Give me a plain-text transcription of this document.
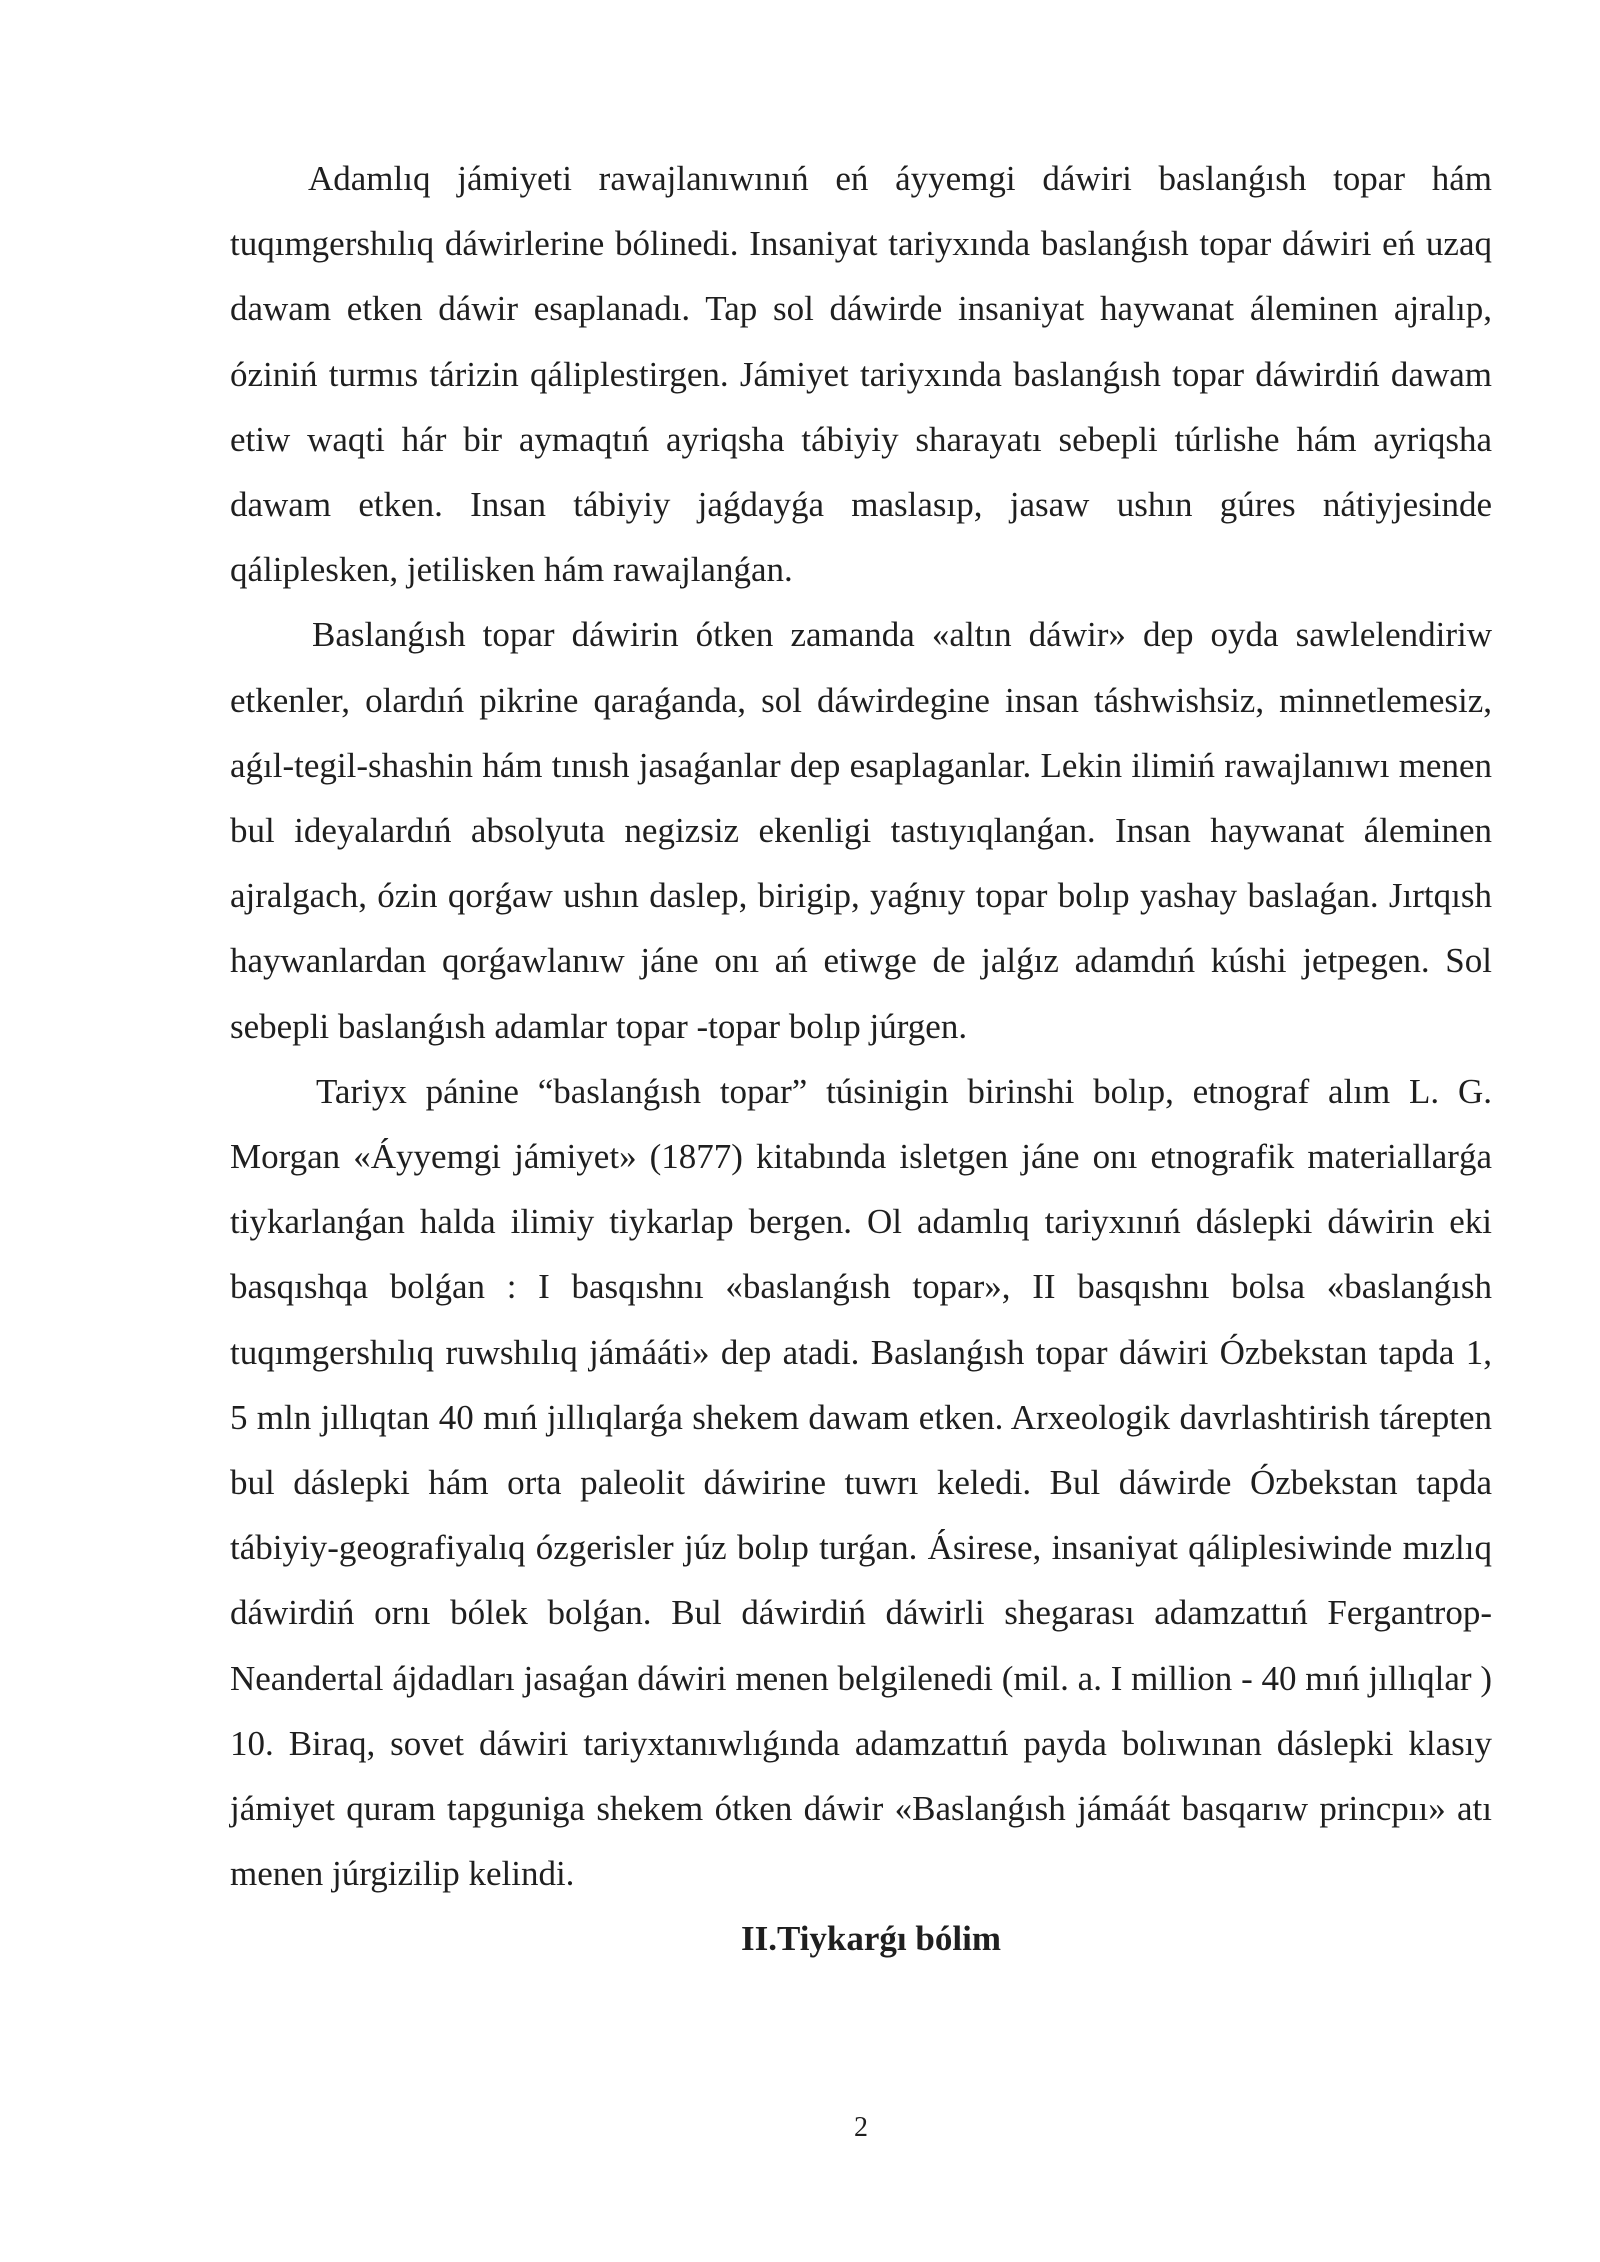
Adamlıq jámiyeti rawajlanıwınıń eń áyyemgi dáwiri baslanǵısh topar hám tuqımgershılıq dáwirlerine bólinedi. Insaniyat tariyxında baslanǵısh topar dáwiri eń uzaq dawam etken dáwir esaplanadı. Tap sol dáwirde insaniyat haywanat áleminen ajralıp, óziniń turmıs tárizin qáliplestirgen. Jámiyet tariyxında baslanǵısh topar dáwirdiń dawam etiw waqti hár bir aymaqtıń ayriqsha tábiyiy sharayatı sebepli túrlishe hám ayriqsha dawam etken. Insan tábiyiy jaǵdayǵa maslasıp, jasaw ushın gúres nátiyjesinde qáliplesken, jetilisken hám rawajlanǵan.

Baslanǵısh topar dáwirin ótken zamanda «altın dáwir» dep oyda sawlelendiriw etkenler, olardıń pikrine qaraǵanda, sol dáwirdegine insan táshwishsiz, minnetlemesiz, aǵıl-tegil-shashin hám tınısh jasaǵanlar dep esaplaganlar. Lekin ilimiń rawajlanıwı menen bul ideyalardıń absolyuta negizsiz ekenligi tastıyıqlanǵan. Insan haywanat áleminen ajralgach, ózin qorǵaw ushın daslep, birigip, yaǵnıy topar bolıp yashay baslaǵan. Jırtqısh haywanlardan qorǵawlanıw jáne onı ań etiwge de jalǵız adamdıń kúshi jetpegen. Sol sebepli baslanǵısh adamlar topar -topar bolıp júrgen.

Tariyx pánine “baslanǵısh topar” túsinigin birinshi bolıp, etnograf alım L. G. Morgan «Áyyemgi jámiyet» (1877) kitabında isletgen jáne onı etnografik materiallarǵa tiykarlanǵan halda ilimiy tiykarlap bergen. Ol adamlıq tariyxınıń dáslepki dáwirin eki basqıshqa bolǵan : I basqıshnı «baslanǵısh topar», II basqıshnı bolsa «baslanǵısh tuqımgershılıq ruwshılıq jámááti» dep atadi. Baslanǵısh topar dáwiri Ózbekstan tapda 1, 5 mln jıllıqtan 40 mıń jıllıqlarǵa shekem dawam etken. Arxeologik davrlashtirish tárepten bul dáslepki hám orta paleolit dáwirine tuwrı keledi. Bul dáwirde Ózbekstan tapda tábiyiy-geografiyalıq ózgerisler júz bolıp turǵan. Ásirese, insaniyat qáliplesiwinde mızlıq dáwirdiń ornı bólek bolǵan. Bul dáwirdiń dáwirli shegarası adamzattıń Fergantrop-Neandertal ájdadları jasaǵan dáwiri menen belgilenedi (mil. a. I million - 40 mıń jıllıqlar ) 10. Biraq, sovet dáwiri tariyxtanıwlıǵında adamzattıń payda bolıwınan dáslepki klasıy jámiyet quram tapguniga shekem ótken dáwir «Baslanǵısh jámáát basqarıw princpıı» atı menen júrgizilip kelindi.

II.Tiykarǵı bólim

2
